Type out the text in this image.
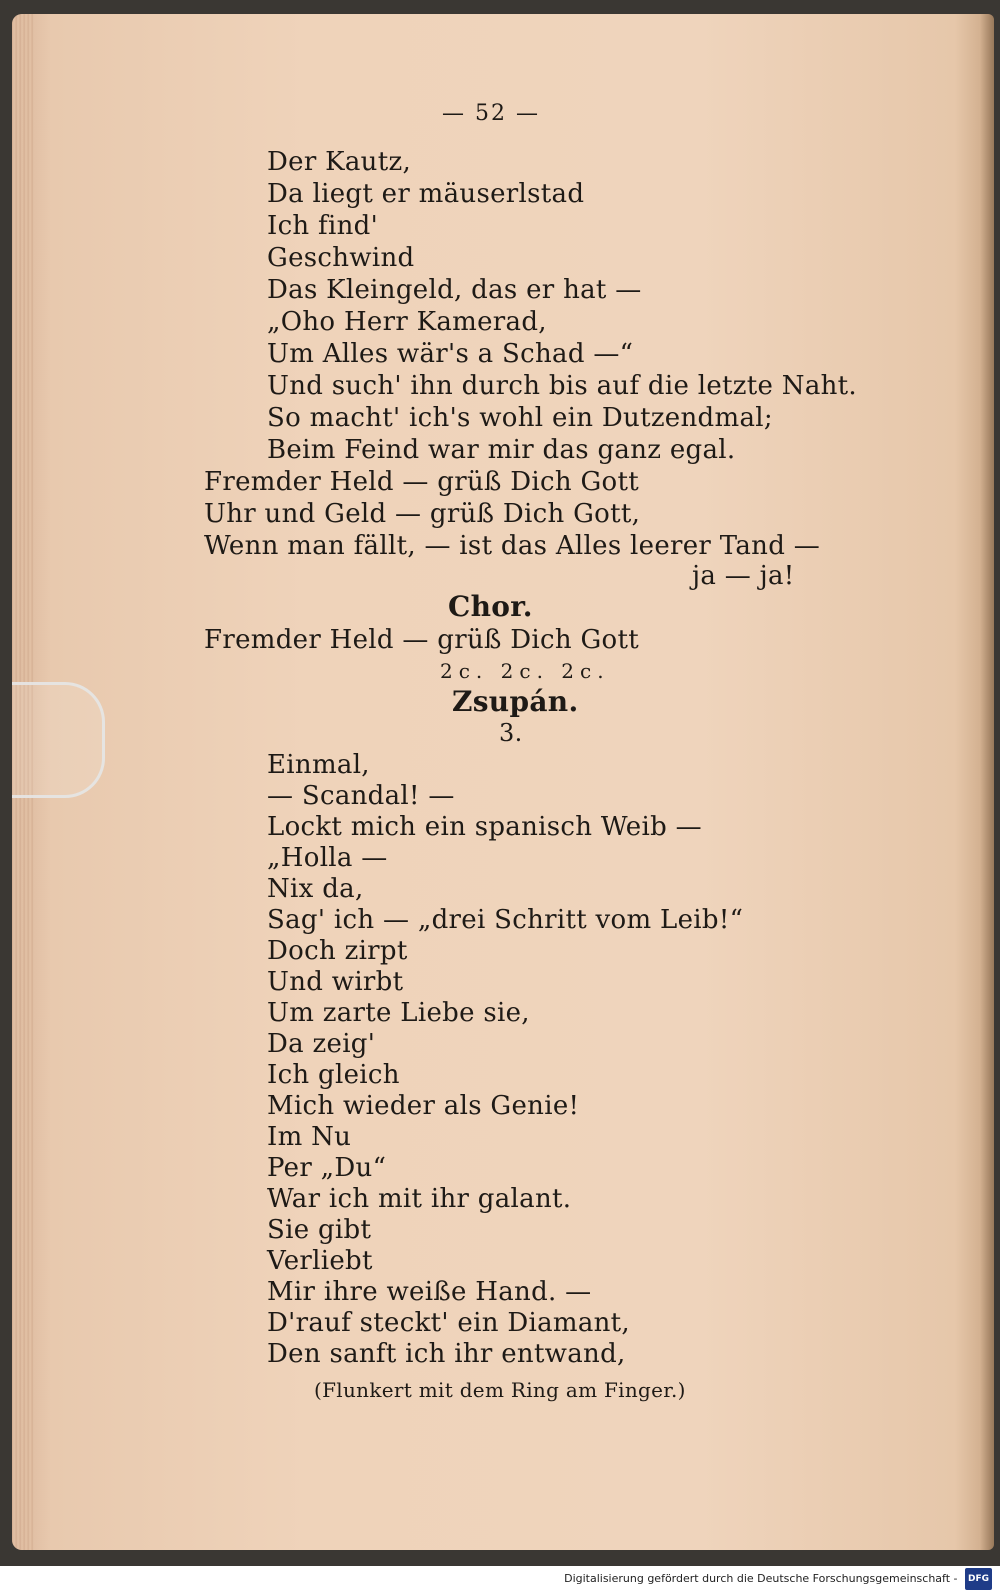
— 52 —
Der Kautz,
Da liegt er mäuserlstad
Ich find'
Geschwind
Das Kleingeld, das er hat —
„Oho Herr Kamerad,
Um Alles wär's a Schad —“
Und such' ihn durch bis auf die letzte Naht.
So macht' ich's wohl ein Dutzendmal;
Beim Feind war mir das ganz egal.
Fremder Held — grüß Dich Gott
Uhr und Geld — grüß Dich Gott,
Wenn man fällt, — ist das Alles leerer Tand —
ja — ja!
Chor.
Fremder Held — grüß Dich Gott
2c. 2c. 2c.
Zsupán.
3.
Einmal,
— Scandal! —
Lockt mich ein spanisch Weib —
„Holla —
Nix da,
Sag' ich — „drei Schritt vom Leib!“
Doch zirpt
Und wirbt
Um zarte Liebe sie,
Da zeig'
Ich gleich
Mich wieder als Genie!
Im Nu
Per „Du“
War ich mit ihr galant.
Sie gibt
Verliebt
Mir ihre weiße Hand. —
D'rauf steckt' ein Diamant,
Den sanft ich ihr entwand,
(Flunkert mit dem Ring am Finger.)
Digitalisierung gefördert durch die Deutsche Forschungsgemeinschaft - DFG
